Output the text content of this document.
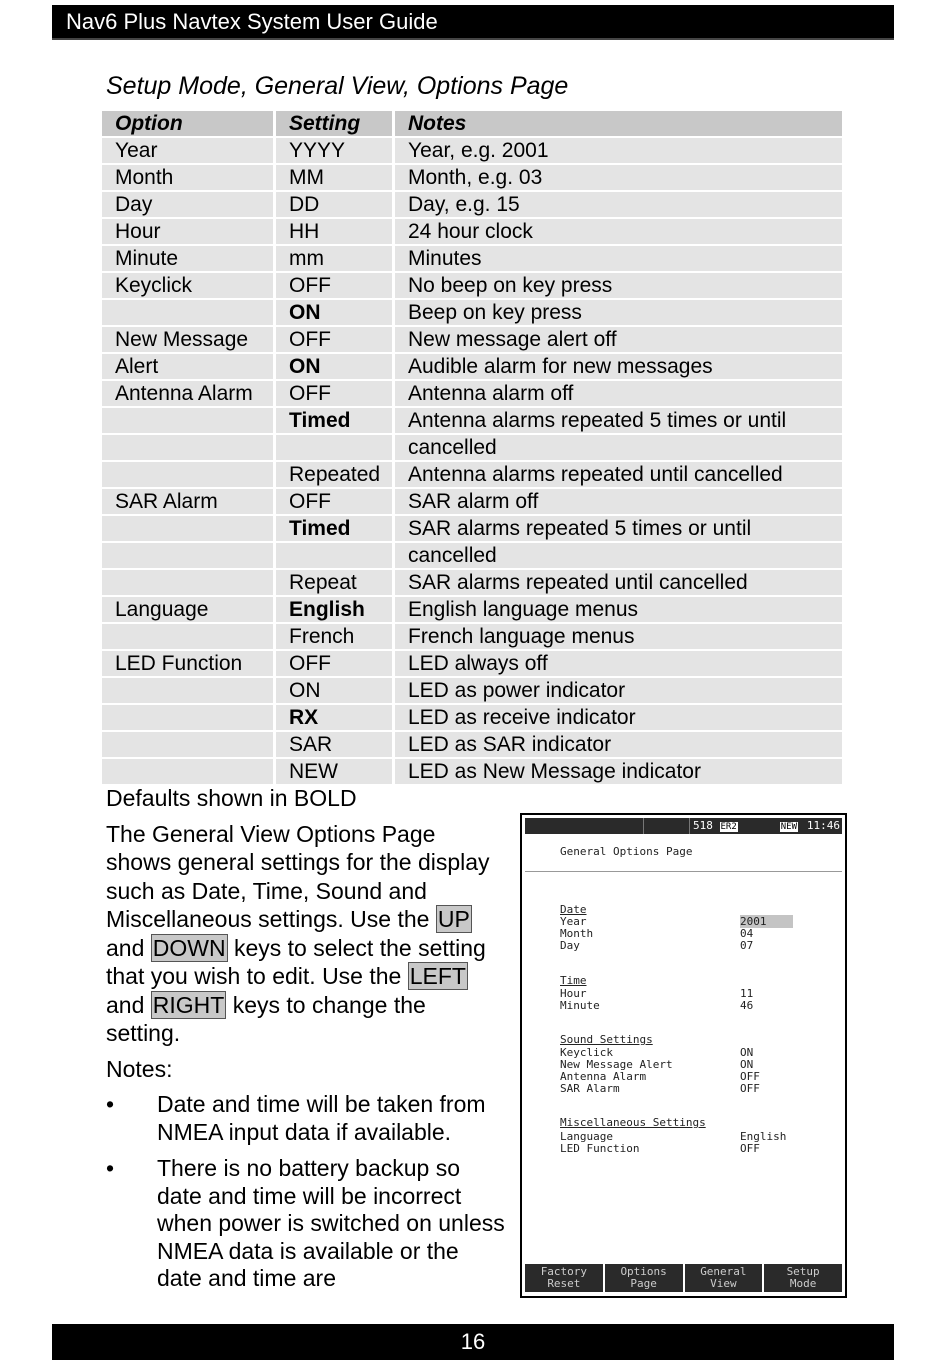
Nav6 Plus Navtex System User Guide
Setup Mode, General View, Options Page
Option	Setting	Notes
Year	YYYY	Year, e.g. 2001
Month	MM	Month, e.g. 03
Day	DD	Day, e.g. 15
Hour	HH	24 hour clock
Minute	mm	Minutes
Keyclick	OFF	No beep on key press
	ON	Beep on key press
New Message	OFF	New message alert off
Alert	ON	Audible alarm for new messages
Antenna Alarm	OFF	Antenna alarm off
	Timed	Antenna alarms repeated 5 times or until
		cancelled
	Repeated	Antenna alarms repeated until cancelled
SAR Alarm	OFF	SAR alarm off
	Timed	SAR alarms repeated 5 times or until
		cancelled
	Repeat	SAR alarms repeated until cancelled
Language	English	English language menus
	French	French language menus
LED Function	OFF	LED always off
	ON	LED as power indicator
	RX	LED as receive indicator
	SAR	LED as SAR indicator
	NEW	LED as New Message indicator

Defaults shown in BOLD

The General View Options Page shows general settings for the display such as Date, Time, Sound and Miscellaneous settings. Use the UP and DOWN keys to select the setting that you wish to edit. Use the LEFT and RIGHT keys to change the setting.

Notes:

• Date and time will be taken from NMEA input data if available.
• There is no battery backup so date and time will be incorrect when power is switched on unless NMEA data is available or the date and time are
518 ER2	NEW 11:46
General Options Page
Date
Year	2001
Month	04
Day	07
Time
Hour	11
Minute	46
Sound Settings
Keyclick	ON
New Message Alert	ON
Antenna Alarm	OFF
SAR Alarm	OFF
Miscellaneous Settings
Language	English
LED Function	OFF
Factory
Reset
Options
Page
General
View
Setup
Mode
16
